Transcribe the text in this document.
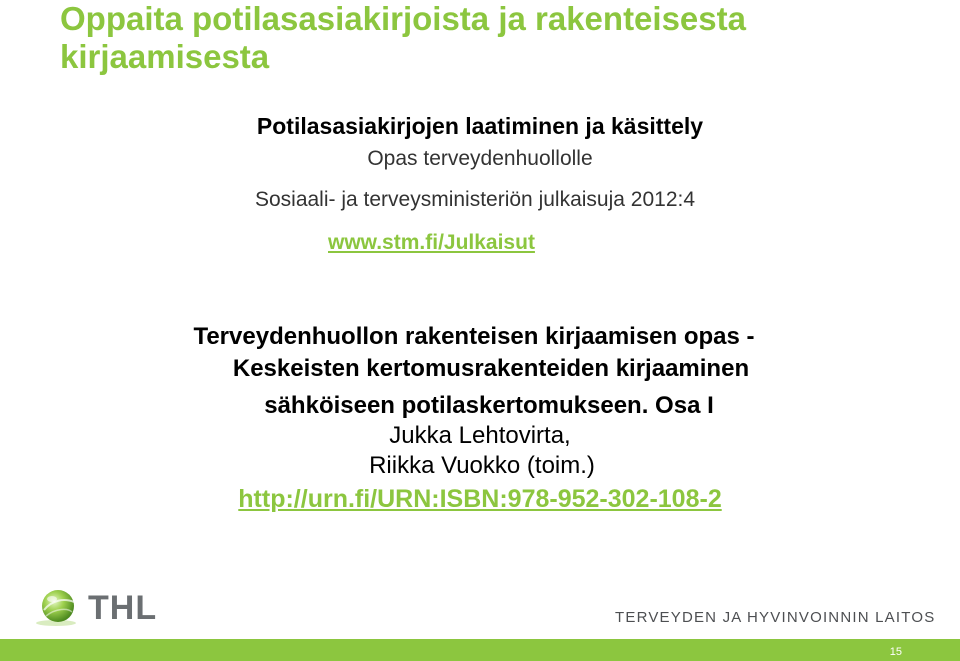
Oppaita potilasasiakirjoista ja rakenteisesta kirjaamisesta
Potilasasiakirjojen laatiminen ja käsittely
Opas terveydenhuollolle
Sosiaali- ja terveysministeriön julkaisuja 2012:4
www.stm.fi/Julkaisut
Terveydenhuollon rakenteisen kirjaamisen opas -
Keskeisten kertomusrakenteiden kirjaaminen
sähköiseen potilaskertomukseen. Osa I
Jukka Lehtovirta,
Riikka Vuokko (toim.)
http://urn.fi/URN:ISBN:978-952-302-108-2
THL	TERVEYDEN JA HYVINVOINNIN LAITOS
15
